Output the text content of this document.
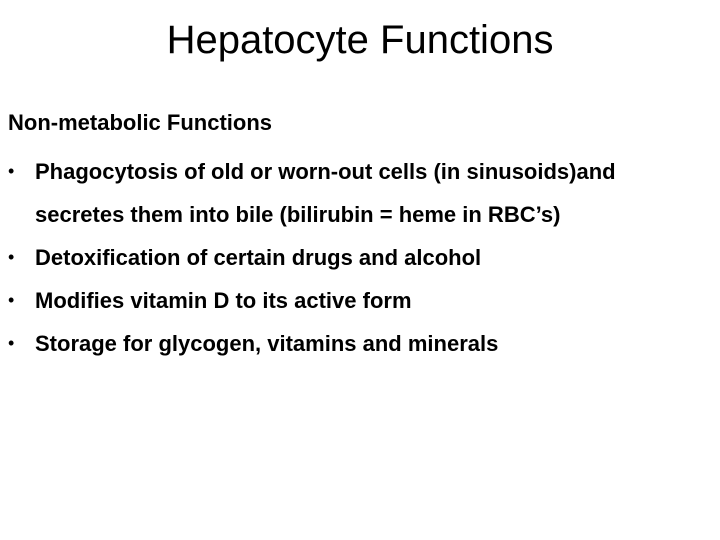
Hepatocyte Functions
Non-metabolic Functions
• Phagocytosis of old or worn-out cells (in sinusoids)and secretes them into bile (bilirubin = heme in RBC’s)
• Detoxification of certain drugs and alcohol
• Modifies vitamin D to its active form
• Storage for glycogen, vitamins and minerals
